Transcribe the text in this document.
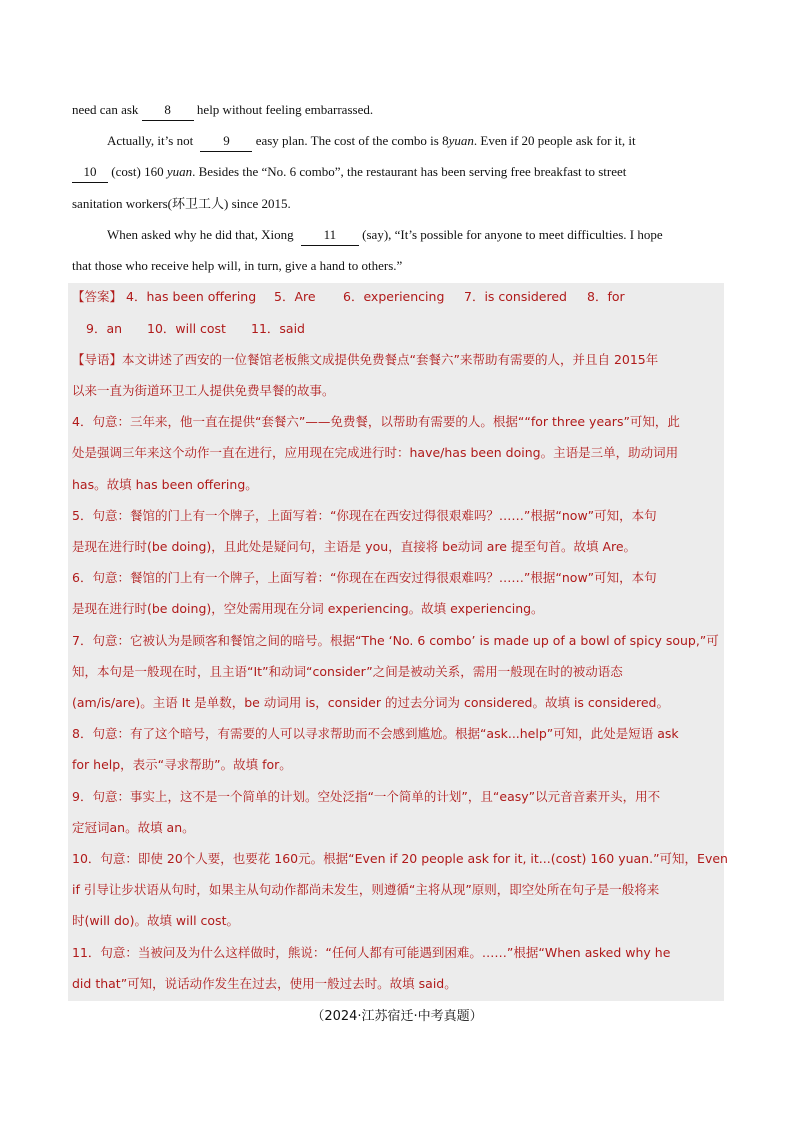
need can ask 8 help without feeling embarrassed.
Actually, it’s not 9 easy plan. The cost of the combo is 8yuan. Even if 20 people ask for it, it
10 (cost) 160 yuan. Besides the “No. 6 combo”, the restaurant has been serving free breakfast to street
sanitation workers(环卫工人) since 2015.
When asked why he did that, Xiong 11 (say), “It’s possible for anyone to meet difficulties. I hope
that those who receive help will, in turn, give a hand to others.”
【答案】 4．has been offering 5．Are 6．experiencing 7．is considered 8．for
9．an 10．will cost 11．said
【导语】本文讲述了西安的一位餐馆老板熊文成提供免费餐点“套餐六”来帮助有需要的人，并且自 2015年
以来一直为街道环卫工人提供免费早餐的故事。
4．句意：三年来，他一直在提供“套餐六”——免费餐，以帮助有需要的人。根据““for three years”可知，此
处是强调三年来这个动作一直在进行，应用现在完成进行时：have/has been doing。主语是三单，助动词用
has。故填 has been offering。
5．句意：餐馆的门上有一个牌子，上面写着：“你现在在西安过得很艰难吗？……”根据“now”可知，本句
是现在进行时(be doing)，且此处是疑问句，主语是 you，直接将 be动词 are 提至句首。故填 Are。
6．句意：餐馆的门上有一个牌子，上面写着：“你现在在西安过得很艰难吗？……”根据“now”可知，本句
是现在进行时(be doing)，空处需用现在分词 experiencing。故填 experiencing。
7．句意：它被认为是顾客和餐馆之间的暗号。根据“The ‘No. 6 combo’ is made up of a bowl of spicy soup,”可
知，本句是一般现在时，且主语“It”和动词“consider”之间是被动关系，需用一般现在时的被动语态
(am/is/are)。主语 It 是单数，be 动词用 is，consider 的过去分词为 considered。故填 is considered。
8．句意：有了这个暗号，有需要的人可以寻求帮助而不会感到尴尬。根据“ask...help”可知，此处是短语 ask
for help，表示“寻求帮助”。故填 for。
9．句意：事实上，这不是一个简单的计划。空处泛指“一个简单的计划”，且“easy”以元音音素开头，用不
定冠词an。故填 an。
10．句意：即使 20个人要，也要花 160元。根据“Even if 20 people ask for it, it...(cost) 160 yuan.”可知，Even
if 引导让步状语从句时，如果主从句动作都尚未发生，则遵循“主将从现”原则，即空处所在句子是一般将来
时(will do)。故填 will cost。
11．句意：当被问及为什么这样做时，熊说：“任何人都有可能遇到困难。……”根据“When asked why he
did that”可知，说话动作发生在过去，使用一般过去时。故填 said。
（2024·江苏宿迁·中考真题）
